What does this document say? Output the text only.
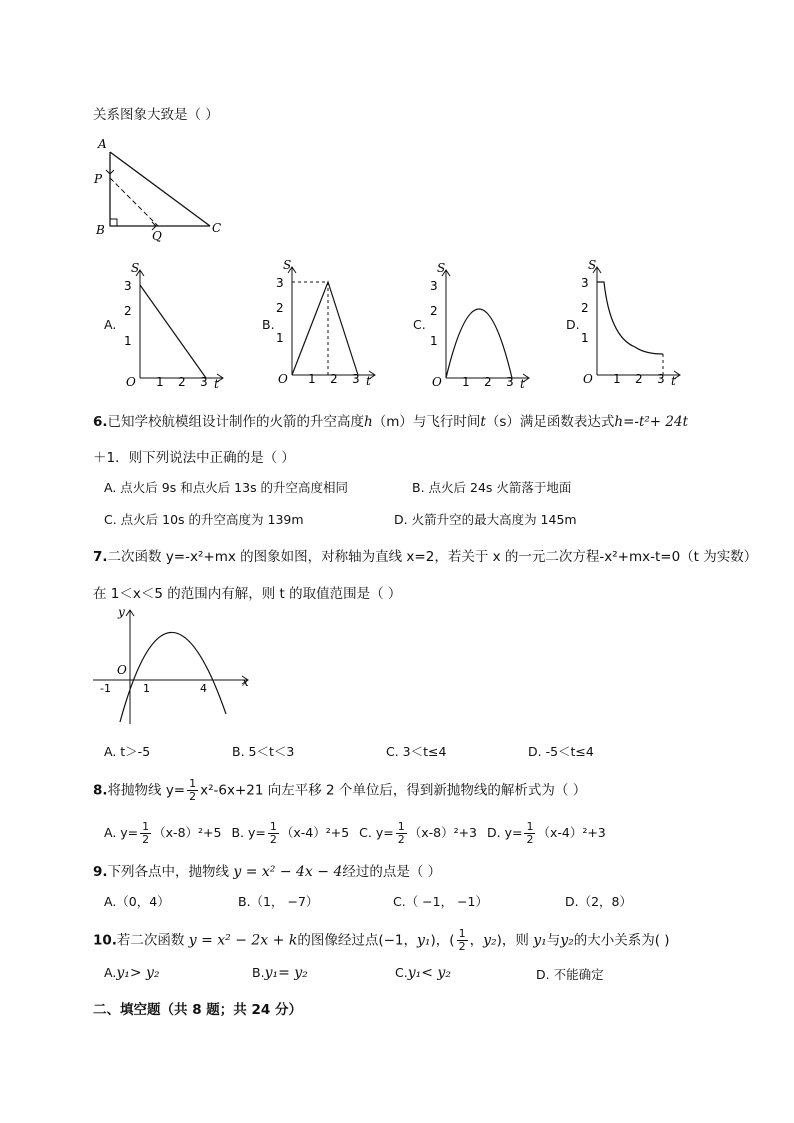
关系图象大致是（ ）
A
P
B	Q
C
A.
S
3
2
1
O 1 2 3 t
B.
S
3
2
1
O 1 2 3 t
C.
S
3
2
1
O 1 2 3 t
D.
S
3
2
1
O 1 2 3 t
6.已知学校航模组设计制作的火箭的升空高度h（m）与飞行时间t（s）满足函数表达式h=-t²+ 24t
＋1．则下列说法中正确的是（ ）
A. 点火后 9s 和点火后 13s 的升空高度相同	B. 点火后 24s 火箭落于地面
C. 点火后 10s 的升空高度为 139m	D. 火箭升空的最大高度为 145m
7.二次函数 y=-x²+mx 的图象如图，对称轴为直线 x=2，若关于 x 的一元二次方程-x²+mx-t=0（t 为实数）
在 1＜x＜5 的范围内有解，则 t 的取值范围是（ ）
y
x
O
-1	1	4
A. t＞-5	B. 5＜t＜3	C. 3＜t≤4	D. -5＜t≤4
8.将抛物线 $y= \frac{1}{2} x^2-6x+21$ 向左平移 2 个单位后，得到新抛物线的解析式为（ ）
A. $y= \frac{1}{2} (x-8)^2+5$ B. $y= \frac{1}{2} (x-4)^2+5$ C. $y= \frac{1}{2} (x-8)^2+3$ D. $y= \frac{1}{2} (x-4)^2+3$
9.下列各点中，抛物线 y = x² − 4x − 4经过的点是（ ）
A.（0，4）	B.（1， −7）	C.（ −1， −1）	D.（2，8）
10.若二次函数 y = x² − 2x + k的图像经过点(−1，y₁)，( $\frac{1}{2}$ ，y₂)，则 y₁与y₂的大小关系为( )
A.y₁> y₂	B.y₁= y₂	C.y₁< y₂	D. 不能确定
二、填空题（共 8 题；共 24 分）
